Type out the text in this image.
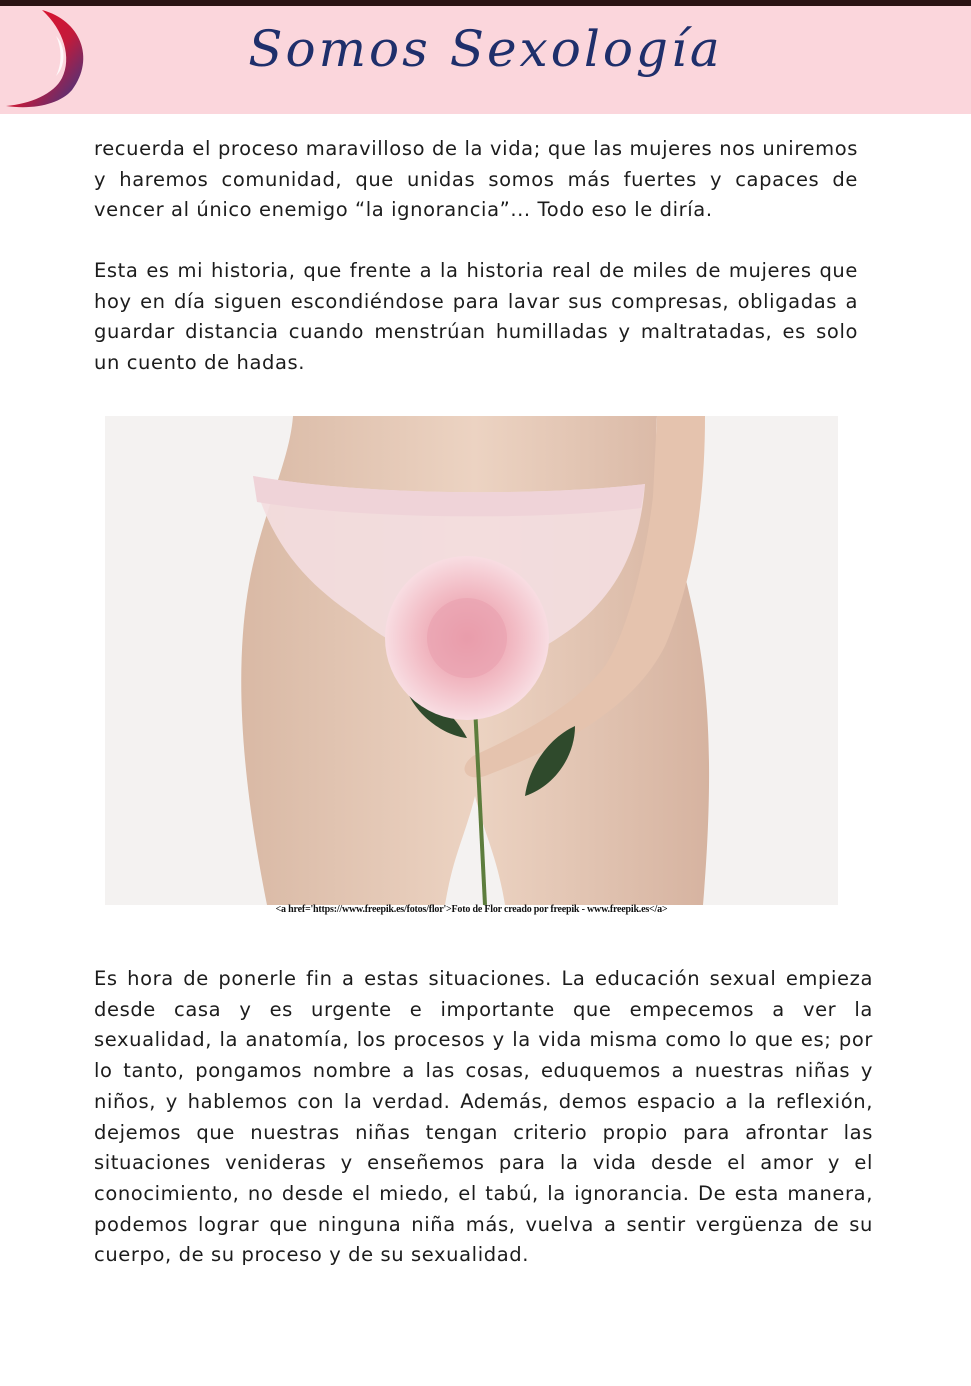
Somos Sexología

recuerda el proceso maravilloso de la vida; que las mujeres nos uniremos y haremos comunidad, que unidas somos más fuertes y capaces de vencer al único enemigo “la ignorancia”... Todo eso le diría.

Esta es mi historia, que frente a la historia real de miles de mujeres que hoy en día siguen escondiéndose para lavar sus compresas, obligadas a guardar distancia cuando menstrúan humilladas y maltratadas, es solo un cuento de hadas.

<a href='https://www.freepik.es/fotos/flor'>Foto de Flor creado por freepik - www.freepik.es</a>

Es hora de ponerle fin a estas situaciones. La educación sexual empieza desde casa y es urgente e importante que empecemos a ver la sexualidad, la anatomía, los procesos y la vida misma como lo que es; por lo tanto, pongamos nombre a las cosas, eduquemos a nuestras niñas y niños, y hablemos con la verdad. Además, demos espacio a la reflexión, dejemos que nuestras niñas tengan criterio propio para afrontar las situaciones venideras y enseñemos para la vida desde el amor y el conocimiento, no desde el miedo, el tabú, la ignorancia. De esta manera, podemos lograr que ninguna niña más, vuelva a sentir vergüenza de su cuerpo, de su proceso y de su sexualidad.
